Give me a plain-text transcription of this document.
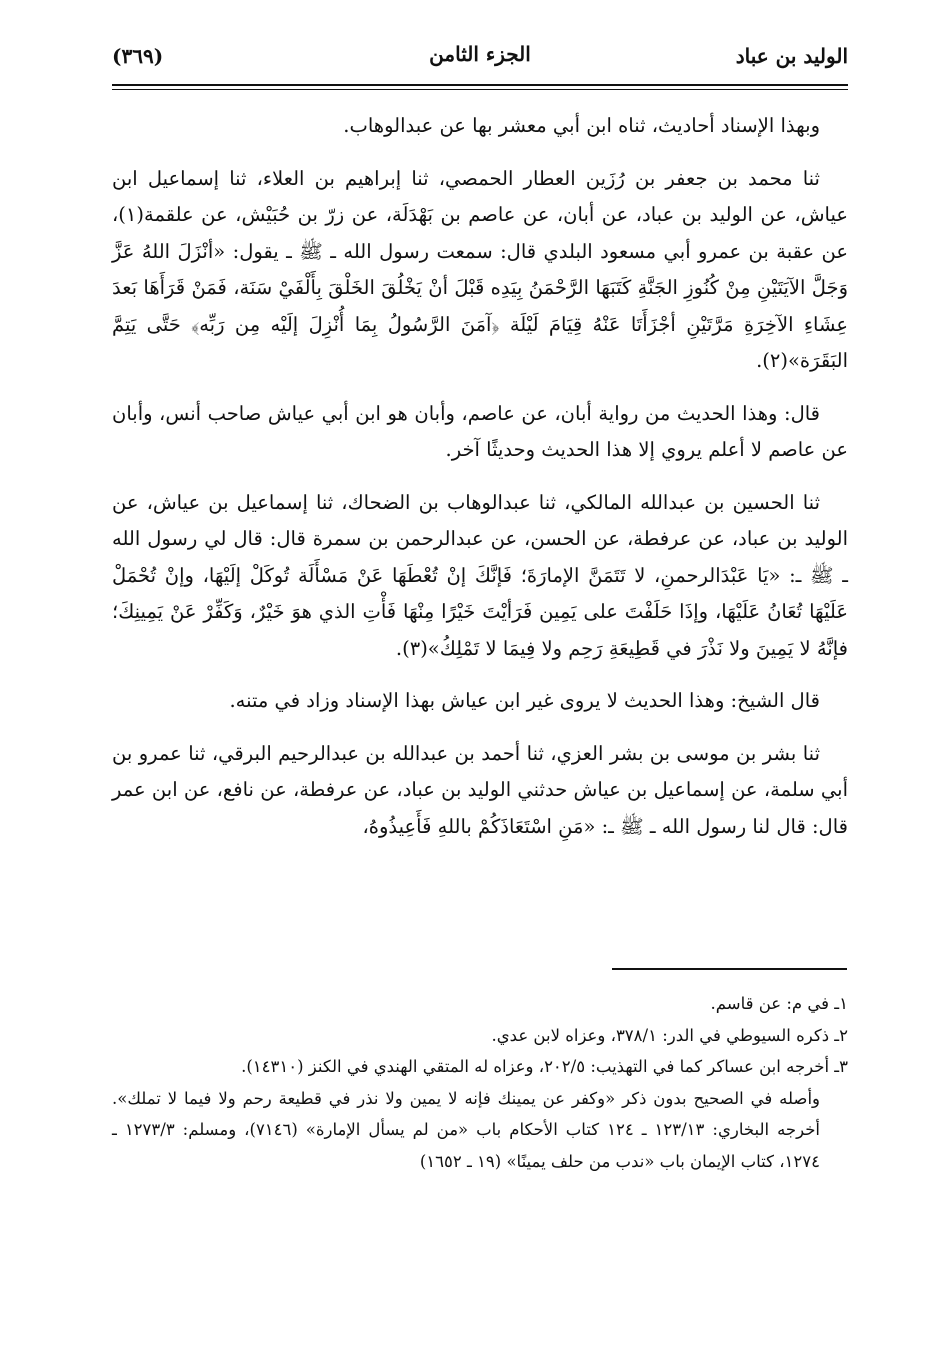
(٣٦٩)	الجزء الثامن	الوليد بن عباد

وبهذا الإسناد أحاديث، ثناه ابن أبي معشر بها عن عبدالوهاب.

ثنا محمد بن جعفر بن رُزَين العطار الحمصي، ثنا إبراهيم بن العلاء، ثنا إسماعيل ابن عياش، عن الوليد بن عباد، عن أبان، عن عاصم بن بَهْدَلَة، عن زرّ بن حُبَيْش، عن علقمة(١)، عن عقبة بن عمرو أبي مسعود البلدي قال: سمعت رسول الله ـ ﷺ ـ يقول: «أنْزَلَ اللهُ عَزَّ وَجَلَّ الآيَتَيْنِ مِنْ كُنُوزِ الجَنَّةِ كَتَبَهَا الرَّحْمَنُ بِيَدِه قَبْلَ أنْ يَخْلُقَ الخَلْقَ بِأَلْفَيْ سَنَة، فَمَنْ قَرَأَهَا بَعدَ عِشَاءِ الآخِرَةِ مَرَّتَيْنِ أجْزَأَتَا عَنْهُ قِيَامَ لَيْلَة ﴿آمَنَ الرَّسُولُ بِمَا أُنْزِلَ إلَيْه مِن رَبِّه﴾ حَتَّى يَتِمَّ البَقَرَة»(٢).

قال: وهذا الحديث من رواية أبان، عن عاصم، وأبان هو ابن أبي عياش صاحب أنس، وأبان عن عاصم لا أعلم يروي إلا هذا الحديث وحديثًا آخر.

ثنا الحسين بن عبدالله المالكي، ثنا عبدالوهاب بن الضحاك، ثنا إسماعيل بن عياش، عن الوليد بن عباد، عن عرفطة، عن الحسن، عن عبدالرحمن بن سمرة قال: قال لي رسول الله ـ ﷺ ـ: «يَا عَبْدَالرحمنِ، لا تَتَمَنَّ الإمارَةَ؛ فَإنَّكَ إنْ تُعْطَهَا عَنْ مَسْأَلَة تُوكَلْ إلَيْهَا، وإنْ تُحْمَلْ عَلَيْهَا تُعَانُ عَلَيْهَا، وإذَا حَلَفْتَ على يَمِين فَرَأيْتَ خَيْرًا مِنْهَا فَأْتِ الذي هوَ خَيْرٌ، وَكَفِّرْ عَنْ يَمِينِكَ؛ فإنَّهُ لا يَمِينَ ولا نَذْرَ في قَطِيعَةِ رَحِم ولا فِيمَا لا تَمْلِكُ»(٣).

قال الشيخ: وهذا الحديث لا يروى غير ابن عياش بهذا الإسناد وزاد في متنه.

ثنا بشر بن موسى بن بشر العزي، ثنا أحمد بن عبدالله بن عبدالرحيم البرقي، ثنا عمرو بن أبي سلمة، عن إسماعيل بن عياش حدثني الوليد بن عباد، عن عرفطة، عن نافع، عن ابن عمر قال: قال لنا رسول الله ـ ﷺ ـ: «مَنِ اسْتَعَاذَكُمْ باللهِ فَأَعِيذُوهُ،

١ـ في م: عن قاسم.

٢ـ ذكره السيوطي في الدر: ٣٧٨/١، وعزاه لابن عدي.

٣ـ أخرجه ابن عساكر كما في التهذيب: ٢٠٢/٥، وعزاه له المتقي الهندي في الكنز (١٤٣١٠).

وأصله في الصحيح بدون ذكر «وكفر عن يمينك فإنه لا يمين ولا نذر في قطيعة رحم ولا فيما لا تملك». أخرجه البخاري: ١٢٣/١٣ ـ ١٢٤ كتاب الأحكام باب «من لم يسأل الإمارة» (٧١٤٦)، ومسلم: ١٢٧٣/٣ ـ ١٢٧٤، كتاب الإيمان باب «ندب من حلف يمينًا» (١٩ ـ ١٦٥٢)
